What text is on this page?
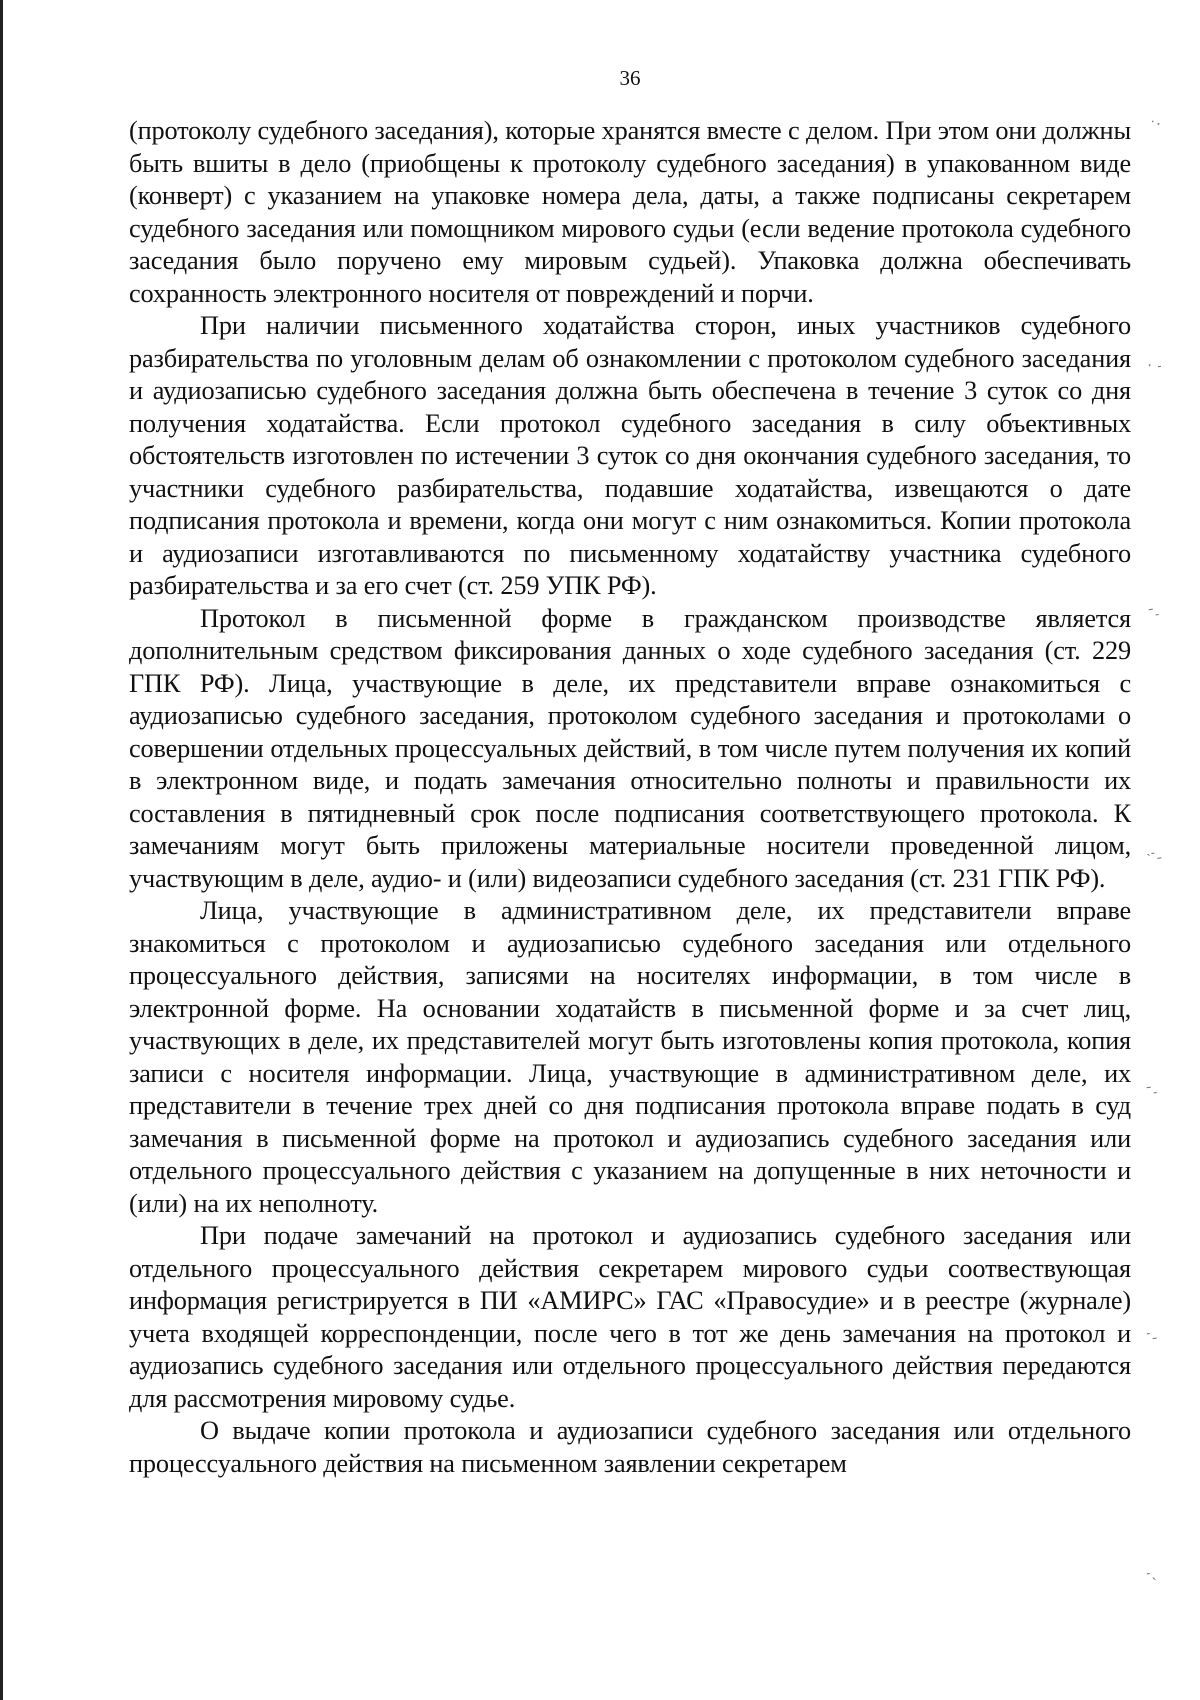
36

(протоколу судебного заседания), которые хранятся вместе с делом. При этом они должны быть вшиты в дело (приобщены к протоколу судебного заседания) в упакованном виде (конверт) с указанием на упаковке номера дела, даты, а также подписаны секретарем судебного заседания или помощником мирового судьи (если ведение протокола судебного заседания было поручено ему мировым судьей). Упаковка должна обеспечивать сохранность электронного носителя от повреждений и порчи.

При наличии письменного ходатайства сторон, иных участников судебного разбирательства по уголовным делам об ознакомлении с протоколом судебного заседания и аудиозаписью судебного заседания должна быть обеспечена в течение 3 суток со дня получения ходатайства. Если протокол судебного заседания в силу объективных обстоятельств изготовлен по истечении 3 суток со дня окончания судебного заседания, то участники судебного разбирательства, подавшие ходатайства, извещаются о дате подписания протокола и времени, когда они могут с ним ознакомиться. Копии протокола и аудиозаписи изготавливаются по письменному ходатайству участника судебного разбирательства и за его счет (ст. 259 УПК РФ).

Протокол в письменной форме в гражданском производстве является дополнительным средством фиксирования данных о ходе судебного заседания (ст. 229 ГПК РФ). Лица, участвующие в деле, их представители вправе ознакомиться с аудиозаписью судебного заседания, протоколом судебного заседания и протоколами о совершении отдельных процессуальных действий, в том числе путем получения их копий в электронном виде, и подать замечания относительно полноты и правильности их составления в пятидневный срок после подписания соответствующего протокола. К замечаниям могут быть приложены материальные носители проведенной лицом, участвующим в деле, аудио- и (или) видеозаписи судебного заседания (ст. 231 ГПК РФ).

Лица, участвующие в административном деле, их представители вправе знакомиться с протоколом и аудиозаписью судебного заседания или отдельного процессуального действия, записями на носителях информации, в том числе в электронной форме. На основании ходатайств в письменной форме и за счет лиц, участвующих в деле, их представителей могут быть изготовлены копия протокола, копия записи с носителя информации. Лица, участвующие в административном деле, их представители в течение трех дней со дня подписания протокола вправе подать в суд замечания в письменной форме на протокол и аудиозапись судебного заседания или отдельного процессуального действия с указанием на допущенные в них неточности и (или) на их неполноту.

При подаче замечаний на протокол и аудиозапись судебного заседания или отдельного процессуального действия секретарем мирового судьи соотвествующая информация регистрируется в ПИ «АМИРС» ГАС «Правосудие» и в реестре (журнале) учета входящей корреспонденции, после чего в тот же день замечания на протокол и аудиозапись судебного заседания или отдельного процессуального действия передаются для рассмотрения мировому судье.

О выдаче копии протокола и аудиозаписи судебного заседания или отдельного процессуального действия на письменном заявлении секретарем

˙ˑ
ˑ ˗
ˉ˗
˴˗ˍ
ˉ˗
˗ˍ
˗ˎ
